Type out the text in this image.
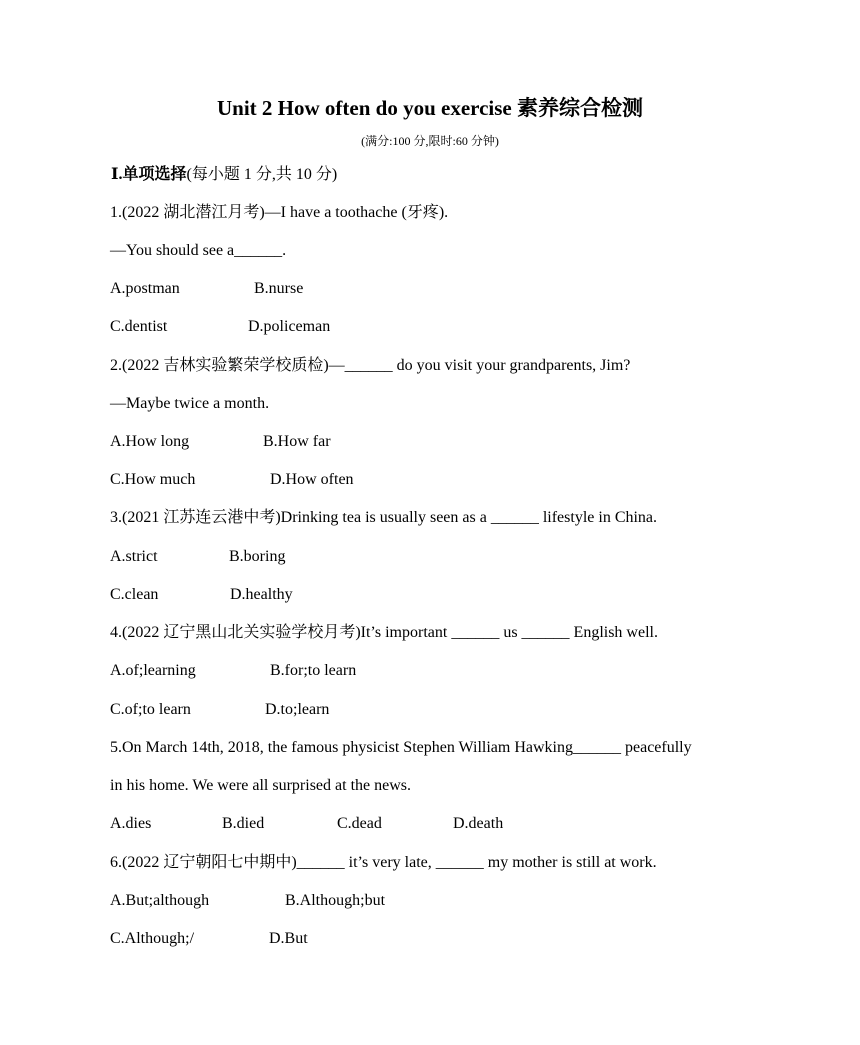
Unit 2 How often do you exercise 素养综合检测
(满分:100 分,限时:60 分钟)
Ⅰ.单项选择(每小题 1 分,共 10 分)
1.(2022 湖北潜江月考)—I have a toothache (牙疼).
—You should see a______.
A.postman	B.nurse
C.dentist	D.policeman
2.(2022 吉林实验繁荣学校质检)—______ do you visit your grandparents, Jim?
—Maybe twice a month.
A.How long	B.How far
C.How much	D.How often
3.(2021 江苏连云港中考)Drinking tea is usually seen as a ______ lifestyle in China.
A.strict	B.boring
C.clean	D.healthy
4.(2022 辽宁黑山北关实验学校月考)It’s important ______ us ______ English well.
A.of;learning	B.for;to learn
C.of;to learn	D.to;learn
5.On March 14th, 2018, the famous physicist Stephen William Hawking______ peacefully
in his home. We were all surprised at the news.
A.dies	B.died	C.dead	D.death
6.(2022 辽宁朝阳七中期中)______ it’s very late, ______ my mother is still at work.
A.But;although	B.Although;but
C.Although;/	D.But
